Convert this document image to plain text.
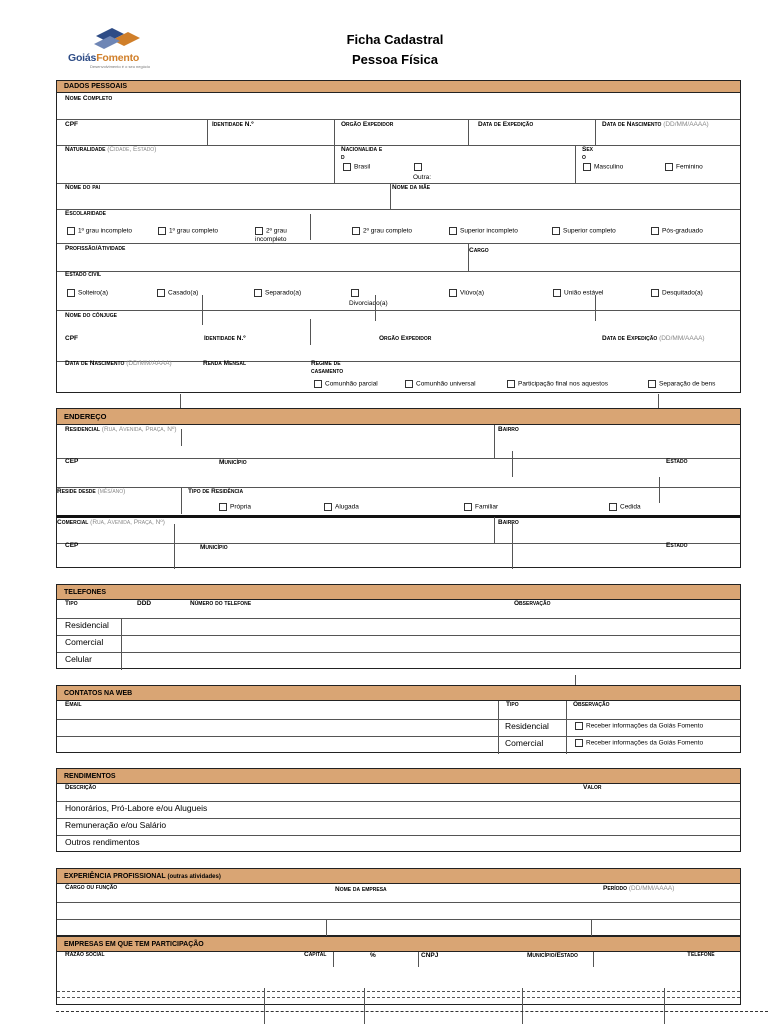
GoiásFomento
Desenvolvimento é o seu negócio
Ficha Cadastral
Pessoa Física
DADOS PESSOAIS
Nome Completo
CPF	Identidade N.º	Orgão Expedidor	Data de Expedição	Data de Nascimento (DD/MM/AAAA)
Naturalidade (Cidade, Estado)	Nacionalida e
d
Brasil
Outra:
Sex
o
Masculino	Feminino
Nome do pai	Nome da mãe
Escolaridade
1º grau incompleto	1º grau completo	2º grau incompleto
2º grau completo	Superior incompleto	Superior completo	Pós-graduado
Profissão/Atividade	Cargo
Estado civil
Solteiro(a)	Casado(a)	Separado(a)
Divorciado(a)
Viúvo(a)	União estável	Desquitado(a)
Nome do cônjuge
CPF	Identidade N.º	Orgão Expedidor	Data de Expedição (DD/MM/AAAA)
Data de Nascimento (DD/MM/AAAA)	Renda Mensal	Regime de
casamento
Comunhão parcial	Comunhão universal	Participação final nos aquestos	Separação de bens
ENDEREÇO
Residencial (Rua, Avenida, Praça, Nº)	Bairro
CEP	Município	Estado
Reside desde (mês/ano)	Tipo de Residência
Própria	Alugada	Familiar	Cedida
Comercial (Rua, Avenida, Praça, Nº)	Bairro
CEP	Município	Estado
TELEFONES
Tipo	DDD	Número do telefone	Observação
Residencial
Comercial
Celular
CONTATOS NA WEB
Email	Tipo	Observação
Residencial	Receber informações da Goiás Fomento
Comercial	Receber informações da Goiás Fomento
RENDIMENTOS
Descrição	Valor
Honorários, Pró-Labore e/ou Alugueis
Remuneração e/ou Salário
Outros rendimentos
EXPERIÊNCIA PROFISSIONAL (outras atividades)
Cargo ou função	Nome da empresa	Período (DD/MM/AAAA)
EMPRESAS EM QUE TEM PARTICIPAÇÃO
Razão social	Capital	%	CNPJ	Município/Estado	Telefone
